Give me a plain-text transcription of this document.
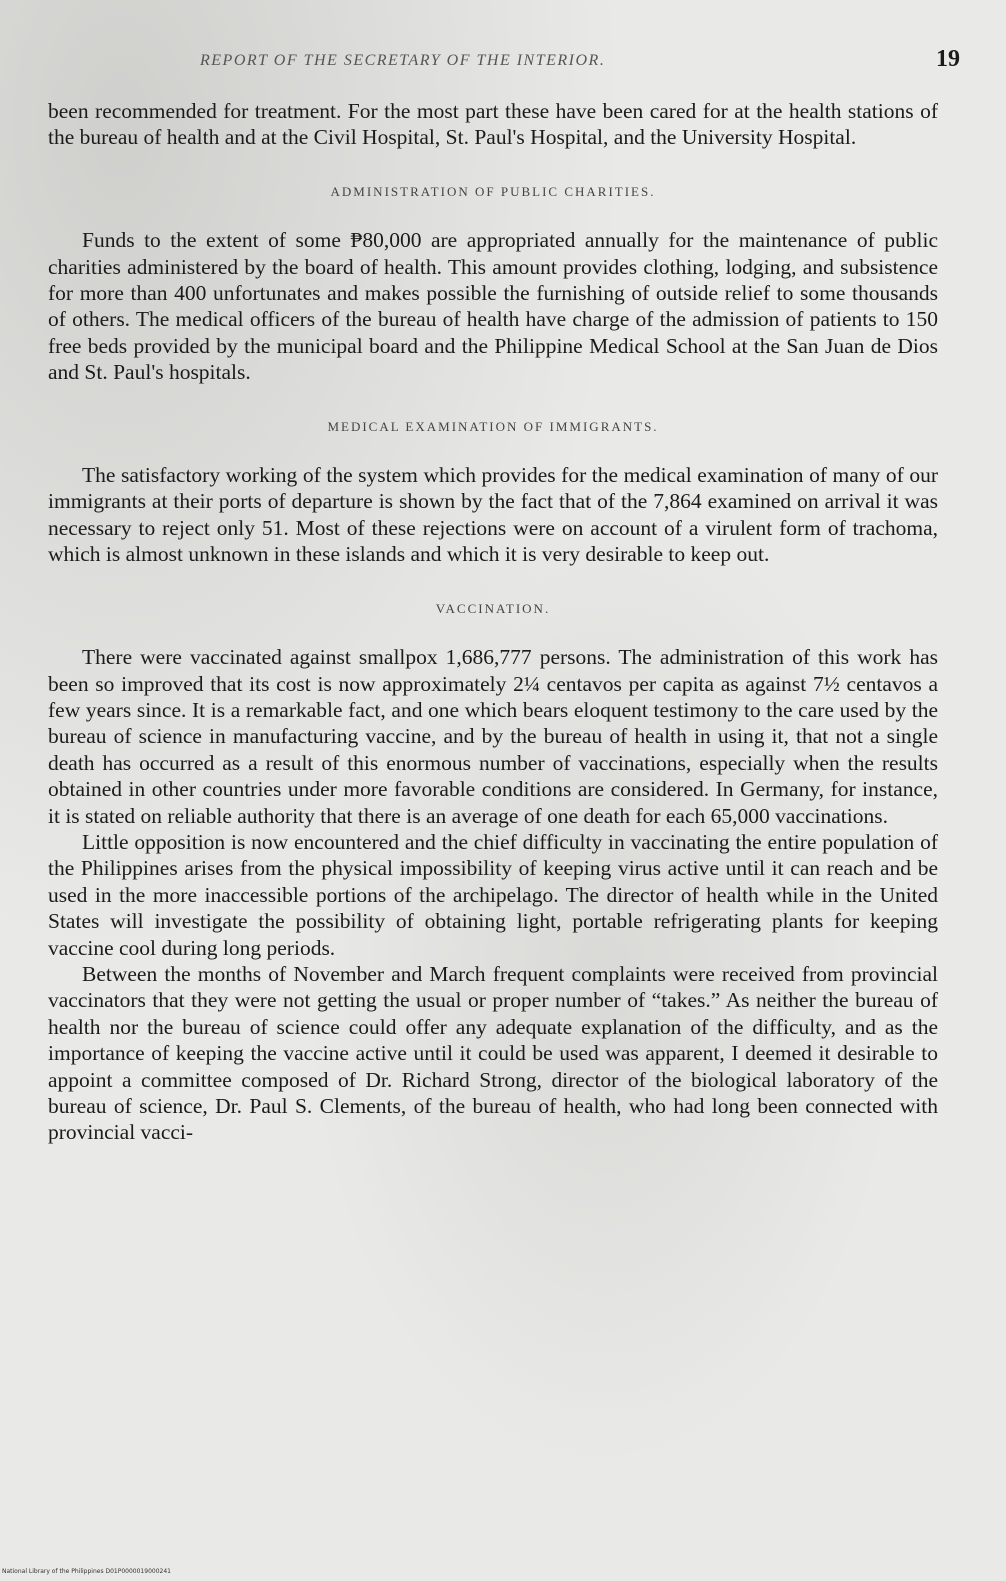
REPORT OF THE SECRETARY OF THE INTERIOR.	19

been recommended for treatment. For the most part these have been cared for at the health stations of the bureau of health and at the Civil Hospital, St. Paul's Hospital, and the University Hospital.

ADMINISTRATION OF PUBLIC CHARITIES.

Funds to the extent of some ₱80,000 are appropriated annually for the maintenance of public charities administered by the board of health. This amount provides clothing, lodging, and subsistence for more than 400 unfortunates and makes possible the furnishing of outside relief to some thousands of others. The medical officers of the bureau of health have charge of the admission of patients to 150 free beds provided by the municipal board and the Philippine Medical School at the San Juan de Dios and St. Paul's hospitals.

MEDICAL EXAMINATION OF IMMIGRANTS.

The satisfactory working of the system which provides for the medical examination of many of our immigrants at their ports of departure is shown by the fact that of the 7,864 examined on arrival it was necessary to reject only 51. Most of these rejections were on account of a virulent form of trachoma, which is almost unknown in these islands and which it is very desirable to keep out.

VACCINATION.

There were vaccinated against smallpox 1,686,777 persons. The administration of this work has been so improved that its cost is now approximately 2¼ centavos per capita as against 7½ centavos a few years since. It is a remarkable fact, and one which bears eloquent testimony to the care used by the bureau of science in manufacturing vaccine, and by the bureau of health in using it, that not a single death has occurred as a result of this enormous number of vaccinations, especially when the results obtained in other countries under more favorable conditions are considered. In Germany, for instance, it is stated on reliable authority that there is an average of one death for each 65,000 vaccinations.

Little opposition is now encountered and the chief difficulty in vaccinating the entire population of the Philippines arises from the physical impossibility of keeping virus active until it can reach and be used in the more inaccessible portions of the archipelago. The director of health while in the United States will investigate the possibility of obtaining light, portable refrigerating plants for keeping vaccine cool during long periods.

Between the months of November and March frequent complaints were received from provincial vaccinators that they were not getting the usual or proper number of “takes.” As neither the bureau of health nor the bureau of science could offer any adequate explanation of the difficulty, and as the importance of keeping the vaccine active until it could be used was apparent, I deemed it desirable to appoint a committee composed of Dr. Richard Strong, director of the biological laboratory of the bureau of science, Dr. Paul S. Clements, of the bureau of health, who had long been connected with provincial vacci-

National Library of the Philippines D01P0000019000241
